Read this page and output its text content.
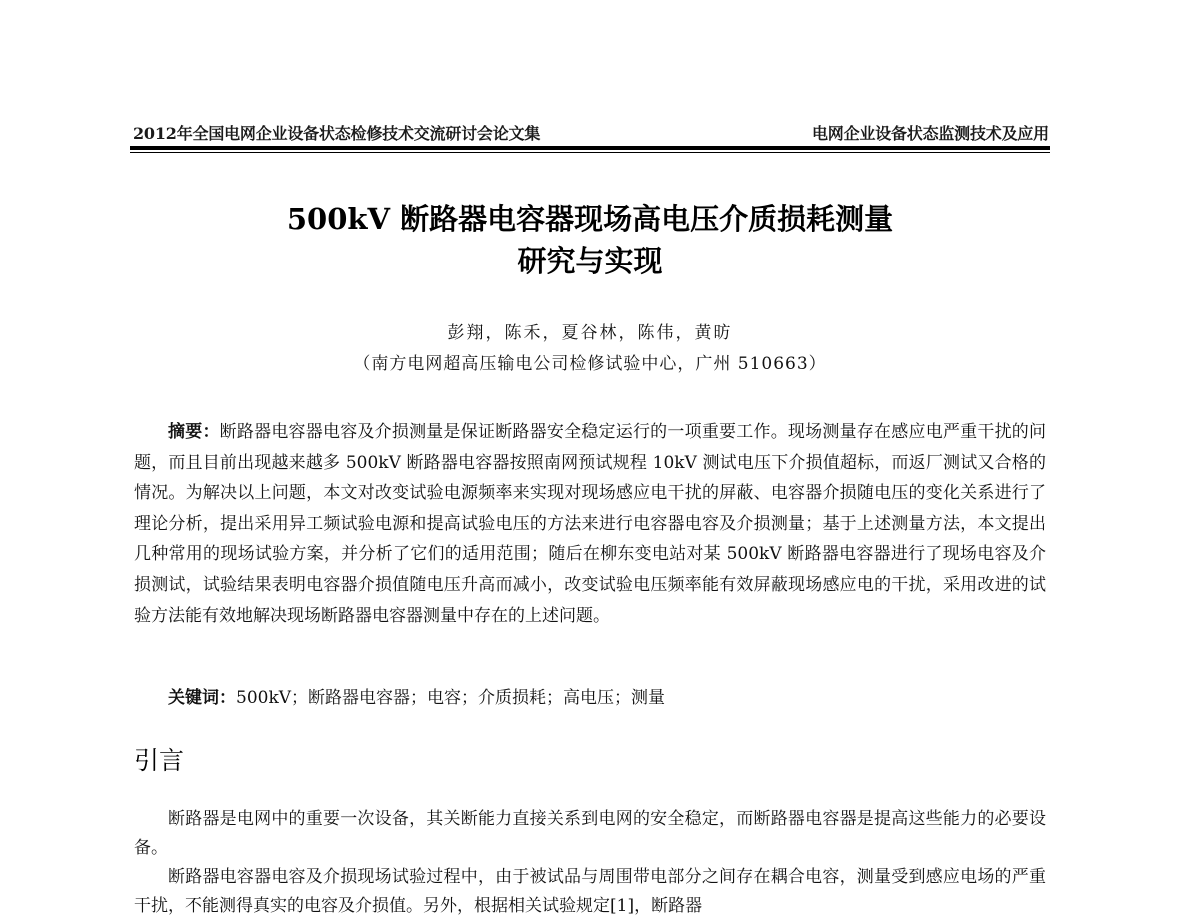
2012年全国电网企业设备状态检修技术交流研讨会论文集	电网企业设备状态监测技术及应用
500kV 断路器电容器现场高电压介质损耗测量
研究与实现
彭翔，陈禾，夏谷林，陈伟，黄昉
（南方电网超高压输电公司检修试验中心，广州 510663）
摘要：断路器电容器电容及介损测量是保证断路器安全稳定运行的一项重要工作。现场测量存在感应电严重干扰的问题，而且目前出现越来越多 500kV 断路器电容器按照南网预试规程 10kV 测试电压下介损值超标，而返厂测试又合格的情况。为解决以上问题，本文对改变试验电源频率来实现对现场感应电干扰的屏蔽、电容器介损随电压的变化关系进行了理论分析，提出采用异工频试验电源和提高试验电压的方法来进行电容器电容及介损测量；基于上述测量方法，本文提出几种常用的现场试验方案，并分析了它们的适用范围；随后在柳东变电站对某 500kV 断路器电容器进行了现场电容及介损测试，试验结果表明电容器介损值随电压升高而减小，改变试验电压频率能有效屏蔽现场感应电的干扰，采用改进的试验方法能有效地解决现场断路器电容器测量中存在的上述问题。
关键词：500kV；断路器电容器；电容；介质损耗；高电压；测量
引言

断路器是电网中的重要一次设备，其关断能力直接关系到电网的安全稳定，而断路器电容器是提高这些能力的必要设备。

断路器电容器电容及介损现场试验过程中，由于被试品与周围带电部分之间存在耦合电容，测量受到感应电场的严重干扰，不能测得真实的电容及介损值。另外，根据相关试验规定[1]，断路器
